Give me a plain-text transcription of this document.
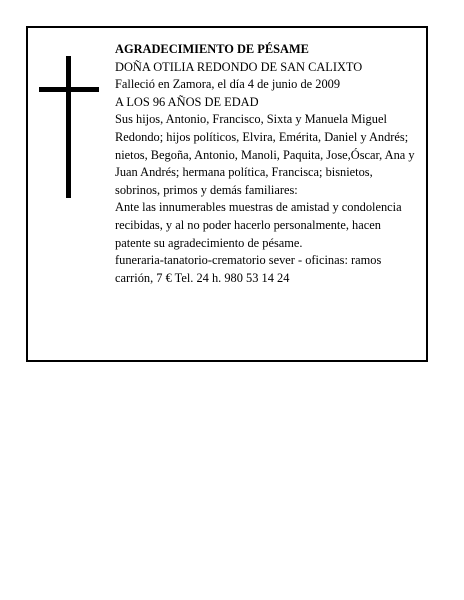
AGRADECIMIENTO DE PÉSAME

DOÑA OTILIA REDONDO DE SAN CALIXTO

Falleció en Zamora, el día 4 de junio de 2009

A LOS 96 AÑOS DE EDAD

Sus hijos, Antonio, Francisco, Sixta y Manuela Miguel Redondo; hijos políticos, Elvira, Emérita, Daniel y Andrés; nietos, Begoña, Antonio, Manoli, Paquita, Jose,Óscar, Ana y Juan Andrés; hermana política, Francisca; bisnietos, sobrinos, primos y demás familiares:

Ante las innumerables muestras de amistad y condolencia recibidas, y al no poder hacerlo personalmente, hacen patente su agradecimiento de pésame.

funeraria-tanatorio-crematorio sever - oficinas: ramos carrión, 7 € Tel. 24 h. 980 53 14 24
